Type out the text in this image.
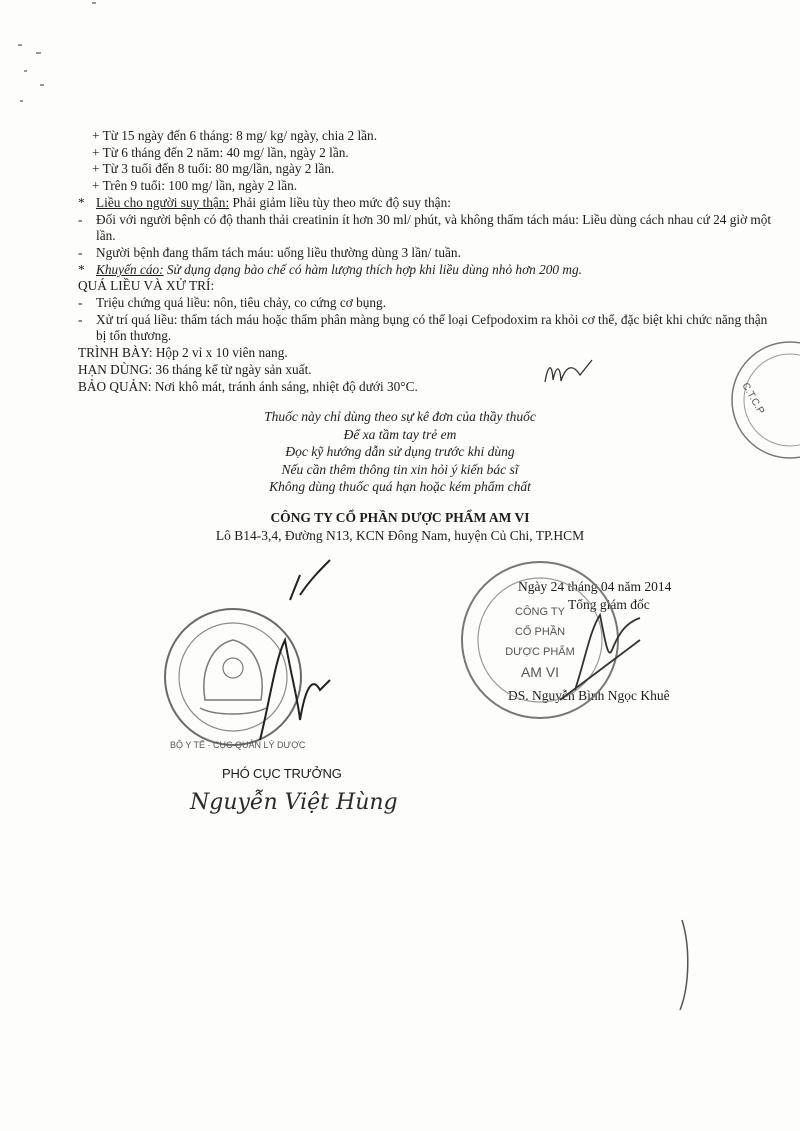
+ Từ 15 ngày đến 6 tháng: 8 mg/ kg/ ngày, chia 2 lần.
+ Từ 6 tháng đến 2 năm: 40 mg/ lần, ngày 2 lần.
+ Từ 3 tuổi đến 8 tuổi: 80 mg/lần, ngày 2 lần.
+ Trên 9 tuổi: 100 mg/ lần, ngày 2 lần.
* Liều cho người suy thận: Phải giảm liều tùy theo mức độ suy thận:
-	Đối với người bệnh có độ thanh thải creatinin ít hơn 30 ml/ phút, và không thẩm tách máu: Liều dùng cách nhau cứ 24 giờ một lần.
-	Người bệnh đang thẩm tách máu: uống liều thường dùng 3 lần/ tuần.
* Khuyến cáo: Sử dụng dạng bào chế có hàm lượng thích hợp khi liều dùng nhỏ hơn 200 mg.
QUÁ LIỀU VÀ XỬ TRÍ:
-	Triệu chứng quá liều: nôn, tiêu chảy, co cứng cơ bụng.
-	Xử trí quá liều: thẩm tách máu hoặc thẩm phân màng bụng có thể loại Cefpodoxim ra khỏi cơ thể, đặc biệt khi chức năng thận bị tổn thương.
TRÌNH BÀY: Hộp 2 vỉ x 10 viên nang.
HẠN DÙNG: 36 tháng kể từ ngày sản xuất.
BẢO QUẢN: Nơi khô mát, tránh ánh sáng, nhiệt độ dưới 30°C.
Thuốc này chỉ dùng theo sự kê đơn của thầy thuốc
Để xa tầm tay trẻ em
Đọc kỹ hướng dẫn sử dụng trước khi dùng
Nếu cần thêm thông tin xin hỏi ý kiến bác sĩ
Không dùng thuốc quá hạn hoặc kém phẩm chất
CÔNG TY CỔ PHẦN DƯỢC PHẨM AM VI
Lô B14-3,4, Đường N13, KCN Đông Nam, huyện Củ Chi, TP.HCM
Ngày 24 tháng 04 năm 2014
Tổng giám đốc
DS. Nguyễn Bình Ngọc Khuê
PHÓ CỤC TRƯỞNG
Nguyễn Việt Hùng
C.T.C.P
BỘ Y TẾ · CỤC QUẢN LÝ DƯỢC
CÔNG TY
CỔ PHẦN
DƯỢC PHẨM
AM VI
